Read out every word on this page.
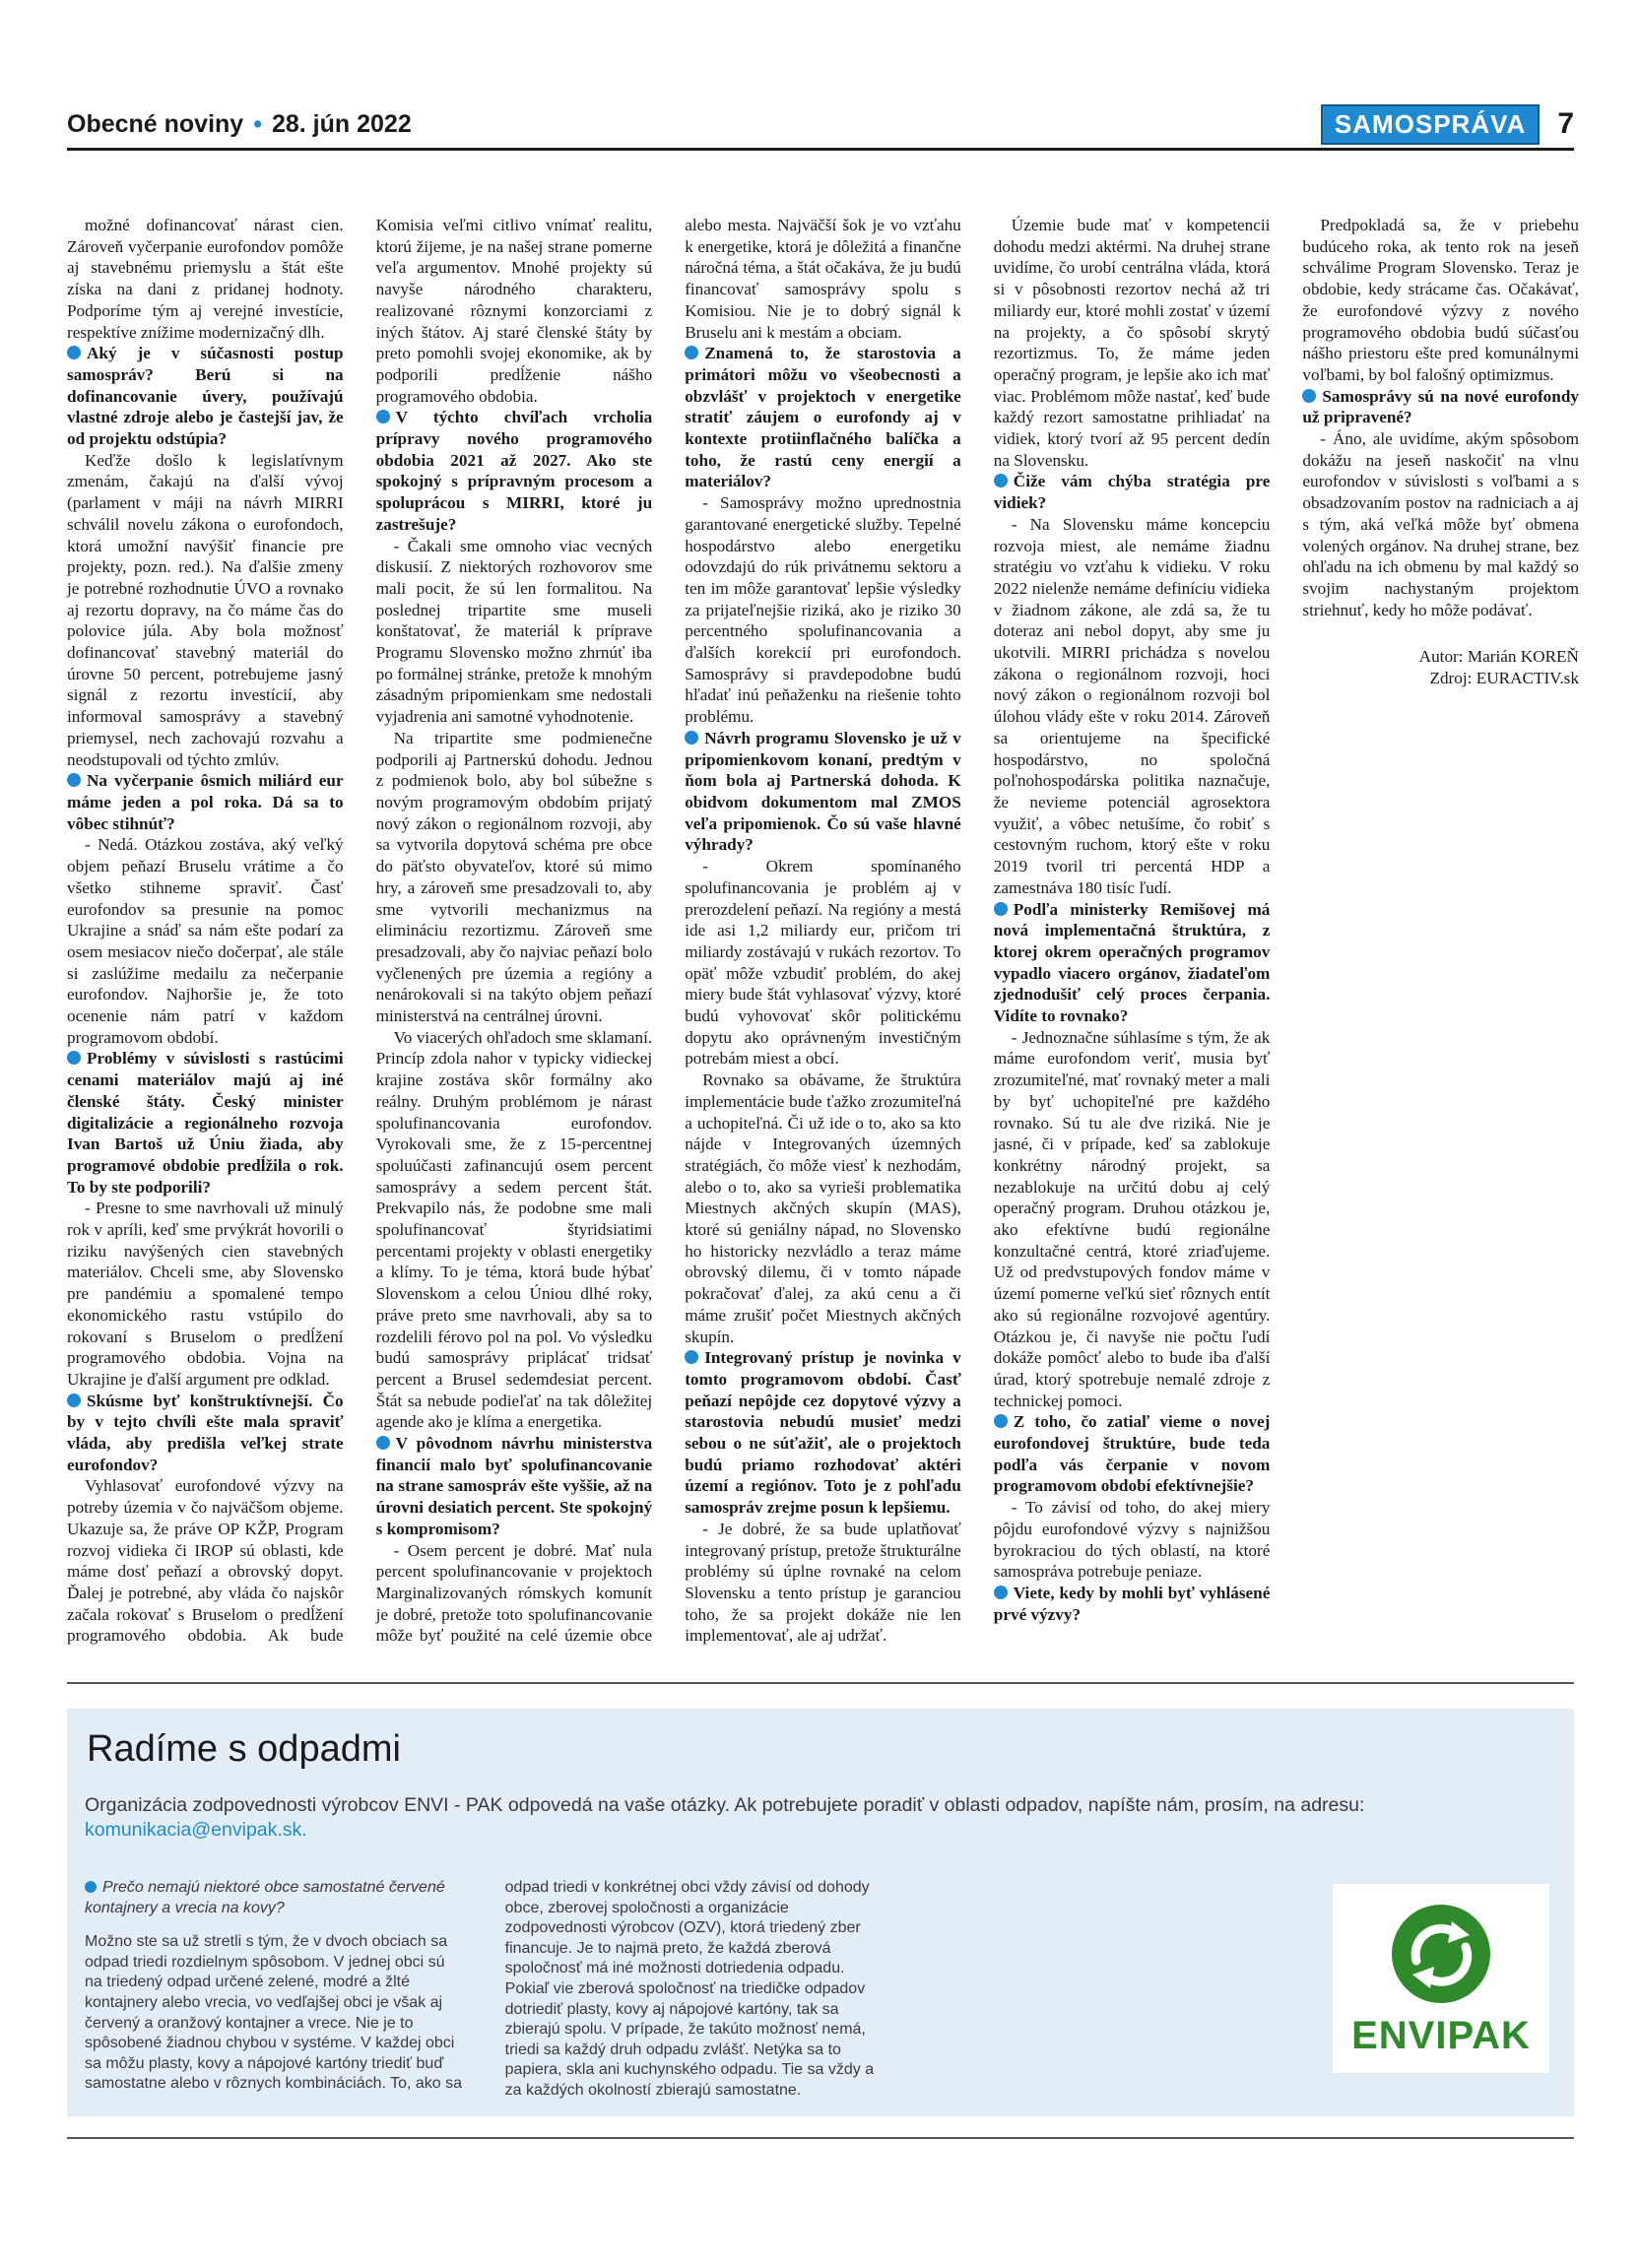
Obecné noviny • 28. jún 2022	SAMOSPRÁVA	7

možné dofinancovať nárast cien. Zároveň vyčerpanie eurofondov pomôže aj stavebnému priemyslu a štát ešte získa na dani z pridanej hodnoty. Podporíme tým aj verejné investície, respektíve znížime modernizačný dlh.

Aký je v súčasnosti postup samospráv? Berú si na dofinancovanie úvery, používajú vlastné zdroje alebo je častejší jav, že od projektu odstúpia?

Keďže došlo k legislatívnym zmenám, čakajú na ďalší vývoj (parlament v máji na návrh MIRRI schválil novelu zákona o eurofondoch, ktorá umožní navýšiť financie pre projekty, pozn. red.). Na ďalšie zmeny je potrebné rozhodnutie ÚVO a rovnako aj rezortu dopravy, na čo máme čas do polovice júla. Aby bola možnosť dofinancovať stavebný materiál do úrovne 50 percent, potrebujeme jasný signál z rezortu investícií, aby informoval samosprávy a stavebný priemysel, nech zachovajú rozvahu a neodstupovali od týchto zmlúv.

Na vyčerpanie ôsmich miliárd eur máme jeden a pol roka. Dá sa to vôbec stihnúť?

- Nedá. Otázkou zostáva, aký veľký objem peňazí Bruselu vrátime a čo všetko stihneme spraviť. Časť eurofondov sa presunie na pomoc Ukrajine a snáď sa nám ešte podarí za osem mesiacov niečo dočerpať, ale stále si zaslúžime medailu za nečerpanie eurofondov. Najhoršie je, že toto ocenenie nám patrí v každom programovom období.

Problémy v súvislosti s rastúcimi cenami materiálov majú aj iné členské štáty. Český minister digitalizácie a regionálneho rozvoja Ivan Bartoš už Úniu žiada, aby programové obdobie predĺžila o rok. To by ste podporili?

- Presne to sme navrhovali už minulý rok v apríli, keď sme prvýkrát hovorili o riziku navýšených cien stavebných materiálov. Chceli sme, aby Slovensko pre pandémiu a spomalené tempo ekonomického rastu vstúpilo do rokovaní s Bruselom o predĺžení programového obdobia. Vojna na Ukrajine je ďalší argument pre odklad.

Skúsme byť konštruktívnejší. Čo by v tejto chvíli ešte mala spraviť vláda, aby predišla veľkej strate eurofondov?

Vyhlasovať eurofondové výzvy na potreby územia v čo najväčšom objeme. Ukazuje sa, že práve OP KŽP, Program rozvoj vidieka či IROP sú oblasti, kde máme dosť peňazí a obrovský dopyt. Ďalej je potrebné, aby vláda čo najskôr začala rokovať s Bruselom o predĺžení programového obdobia. Ak bude Komisia veľmi citlivo vnímať realitu, ktorú žijeme, je na našej strane pomerne veľa argumentov. Mnohé projekty sú navyše národného charakteru, realizované rôznymi konzorciami z iných štátov. Aj staré členské štáty by preto pomohli svojej ekonomike, ak by podporili predĺženie nášho programového obdobia.

V týchto chvíľach vrcholia prípravy nového programového obdobia 2021 až 2027. Ako ste spokojný s prípravným procesom a spoluprácou s MIRRI, ktoré ju zastrešuje?

- Čakali sme omnoho viac vecných diskusií. Z niektorých rozhovorov sme mali pocit, že sú len formalitou. Na poslednej tripartite sme museli konštatovať, že materiál k príprave Programu Slovensko možno zhrnúť iba po formálnej stránke, pretože k mnohým zásadným pripomienkam sme nedostali vyjadrenia ani samotné vyhodnotenie.

Na tripartite sme podmienečne podporili aj Partnerskú dohodu. Jednou z podmienok bolo, aby bol súbežne s novým programovým obdobím prijatý nový zákon o regionálnom rozvoji, aby sa vytvorila dopytová schéma pre obce do päťsto obyvateľov, ktoré sú mimo hry, a zároveň sme presadzovali to, aby sme vytvorili mechanizmus na elimináciu rezortizmu. Zároveň sme presadzovali, aby čo najviac peňazí bolo vyčlenených pre územia a regióny a nenárokovali si na takýto objem peňazí ministerstvá na centrálnej úrovni.

Vo viacerých ohľadoch sme sklamaní. Princíp zdola nahor v typicky vidieckej krajine zostáva skôr formálny ako reálny. Druhým problémom je nárast spolufinancovania eurofondov. Vyrokovali sme, že z 15-percentnej spoluúčasti zafinancujú osem percent samosprávy a sedem percent štát. Prekvapilo nás, že podobne sme mali spolufinancovať štyridsiatimi percentami projekty v oblasti energetiky a klímy. To je téma, ktorá bude hýbať Slovenskom a celou Úniou dlhé roky, práve preto sme navrhovali, aby sa to rozdelili férovo pol na pol. Vo výsledku budú samosprávy priplácať tridsať percent a Brusel sedemdesiat percent. Štát sa nebude podieľať na tak dôležitej agende ako je klíma a energetika.

V pôvodnom návrhu ministerstva financií malo byť spolufinancovanie na strane samospráv ešte vyššie, až na úrovni desiatich percent. Ste spokojný s kompromisom?

- Osem percent je dobré. Mať nula percent spolufinancovanie v projektoch Marginalizovaných rómskych komunít je dobré, pretože toto spolufinancovanie môže byť použité na celé územie obce alebo mesta. Najväčší šok je vo vzťahu k energetike, ktorá je dôležitá a finančne náročná téma, a štát očakáva, že ju budú financovať samosprávy spolu s Komisiou. Nie je to dobrý signál k Bruselu ani k mestám a obciam.

Znamená to, že starostovia a primátori môžu vo všeobecnosti a obzvlášť v projektoch v energetike stratiť záujem o eurofondy aj v kontexte protiinflačného balíčka a toho, že rastú ceny energií a materiálov?

- Samosprávy možno uprednostnia garantované energetické služby. Tepelné hospodárstvo alebo energetiku odovzdajú do rúk privátnemu sektoru a ten im môže garantovať lepšie výsledky za prijateľnejšie riziká, ako je riziko 30 percentného spolufinancovania a ďalších korekcií pri eurofondoch. Samosprávy si pravdepodobne budú hľadať inú peňaženku na riešenie tohto problému.

Návrh programu Slovensko je už v pripomienkovom konaní, predtým v ňom bola aj Partnerská dohoda. K obidvom dokumentom mal ZMOS veľa pripomienok. Čo sú vaše hlavné výhrady?

- Okrem spomínaného spolufinancovania je problém aj v prerozdelení peňazí. Na regióny a mestá ide asi 1,2 miliardy eur, pričom tri miliardy zostávajú v rukách rezortov. To opäť môže vzbudiť problém, do akej miery bude štát vyhlasovať výzvy, ktoré budú vyhovovať skôr politickému dopytu ako oprávneným investičným potrebám miest a obcí.

Rovnako sa obávame, že štruktúra implementácie bude ťažko zrozumiteľná a uchopiteľná. Či už ide o to, ako sa kto nájde v Integrovaných územných stratégiách, čo môže viesť k nezhodám, alebo o to, ako sa vyrieši problematika Miestnych akčných skupín (MAS), ktoré sú geniálny nápad, no Slovensko ho historicky nezvládlo a teraz máme obrovský dilemu, či v tomto nápade pokračovať ďalej, za akú cenu a či máme zrušiť počet Miestnych akčných skupín.

Integrovaný prístup je novinka v tomto programovom období. Časť peňazí nepôjde cez dopytové výzvy a starostovia nebudú musieť medzi sebou o ne súťažiť, ale o projektoch budú priamo rozhodovať aktéri území a regiónov. Toto je z pohľadu samospráv zrejme posun k lepšiemu.

- Je dobré, že sa bude uplatňovať integrovaný prístup, pretože štrukturálne problémy sú úplne rovnaké na celom Slovensku a tento prístup je garanciou toho, že sa projekt dokáže nie len implementovať, ale aj udržať.

Územie bude mať v kompetencii dohodu medzi aktérmi. Na druhej strane uvidíme, čo urobí centrálna vláda, ktorá si v pôsobnosti rezortov nechá až tri miliardy eur, ktoré mohli zostať v území na projekty, a čo spôsobí skrytý rezortizmus. To, že máme jeden operačný program, je lepšie ako ich mať viac. Problémom môže nastať, keď bude každý rezort samostatne prihliadať na vidiek, ktorý tvorí až 95 percent dedín na Slovensku.

Čiže vám chýba stratégia pre vidiek?

- Na Slovensku máme koncepciu rozvoja miest, ale nemáme žiadnu stratégiu vo vzťahu k vidieku. V roku 2022 nielenže nemáme definíciu vidieka v žiadnom zákone, ale zdá sa, že tu doteraz ani nebol dopyt, aby sme ju ukotvili. MIRRI prichádza s novelou zákona o regionálnom rozvoji, hoci nový zákon o regionálnom rozvoji bol úlohou vlády ešte v roku 2014. Zároveň sa orientujeme na špecifické hospodárstvo, no spoločná poľnohospodárska politika naznačuje, že nevieme potenciál agrosektora využiť, a vôbec netušíme, čo robiť s cestovným ruchom, ktorý ešte v roku 2019 tvoril tri percentá HDP a zamestnáva 180 tisíc ľudí.

Podľa ministerky Remišovej má nová implementačná štruktúra, z ktorej okrem operačných programov vypadlo viacero orgánov, žiadateľom zjednodušiť celý proces čerpania. Vidíte to rovnako?

- Jednoznačne súhlasíme s tým, že ak máme eurofondom veriť, musia byť zrozumiteľné, mať rovnaký meter a mali by byť uchopiteľné pre každého rovnako. Sú tu ale dve riziká. Nie je jasné, či v prípade, keď sa zablokuje konkrétny národný projekt, sa nezablokuje na určitú dobu aj celý operačný program. Druhou otázkou je, ako efektívne budú regionálne konzultačné centrá, ktoré zriaďujeme. Už od predvstupových fondov máme v území pomerne veľkú sieť rôznych entít ako sú regionálne rozvojové agentúry. Otázkou je, či navyše nie počtu ľudí dokáže pomôcť alebo to bude iba ďalší úrad, ktorý spotrebuje nemalé zdroje z technickej pomoci.

Z toho, čo zatiaľ vieme o novej eurofondovej štruktúre, bude teda podľa vás čerpanie v novom programovom období efektívnejšie?

- To závisí od toho, do akej miery pôjdu eurofondové výzvy s najnižšou byrokraciou do tých oblastí, na ktoré samospráva potrebuje peniaze.

Viete, kedy by mohli byť vyhlásené prvé výzvy?

Predpokladá sa, že v priebehu budúceho roka, ak tento rok na jeseň schválime Program Slovensko. Teraz je obdobie, kedy strácame čas. Očakávať, že eurofondové výzvy z nového programového obdobia budú súčasťou nášho priestoru ešte pred komunálnymi voľbami, by bol falošný optimizmus.

Samosprávy sú na nové eurofondy už pripravené?

- Áno, ale uvidíme, akým spôsobom dokážu na jeseň naskočiť na vlnu eurofondov v súvislosti s voľbami a s obsadzovaním postov na radniciach a aj s tým, aká veľká môže byť obmena volených orgánov. Na druhej strane, bez ohľadu na ich obmenu by mal každý so svojim nachystaným projektom striehnuť, kedy ho môže podávať.

Autor: Marián KOREŇ
Zdroj: EURACTIV.sk

Radíme s odpadmi
Organizácia zodpovednosti výrobcov ENVI - PAK odpovedá na vaše otázky. Ak potrebujete poradiť v oblasti odpadov, napíšte nám, prosím, na adresu: komunikacia@envipak.sk.

Prečo nemajú niektoré obce samostatné červené kontajnery a vrecia na kovy?

Možno ste sa už stretli s tým, že v dvoch obciach sa odpad triedi rozdielnym spôsobom. V jednej obci sú na triedený odpad určené zelené, modré a žlté kontajnery alebo vrecia, vo vedľajšej obci je však aj červený a oranžový kontajner a vrece. Nie je to spôsobené žiadnou chybou v systéme. V každej obci sa môžu plasty, kovy a nápojové kartóny triediť buď samostatne alebo v rôznych kombináciách. To, ako sa odpad triedi v konkrétnej obci vždy závisí od dohody obce, zberovej spoločnosti a organizácie zodpovednosti výrobcov (OZV), ktorá triedený zber financuje. Je to najmä preto, že každá zberová spoločnosť má iné možnosti dotriedenia odpadu. Pokiaľ vie zberová spoločnosť na triedičke odpadov dotriediť plasty, kovy aj nápojové kartóny, tak sa zbierajú spolu. V prípade, že takúto možnosť nemá, triedi sa každý druh odpadu zvlášť. Netýka sa to papiera, skla ani kuchynského odpadu. Tie sa vždy a za každých okolností zbierajú samostatne.

ENVIPAK
